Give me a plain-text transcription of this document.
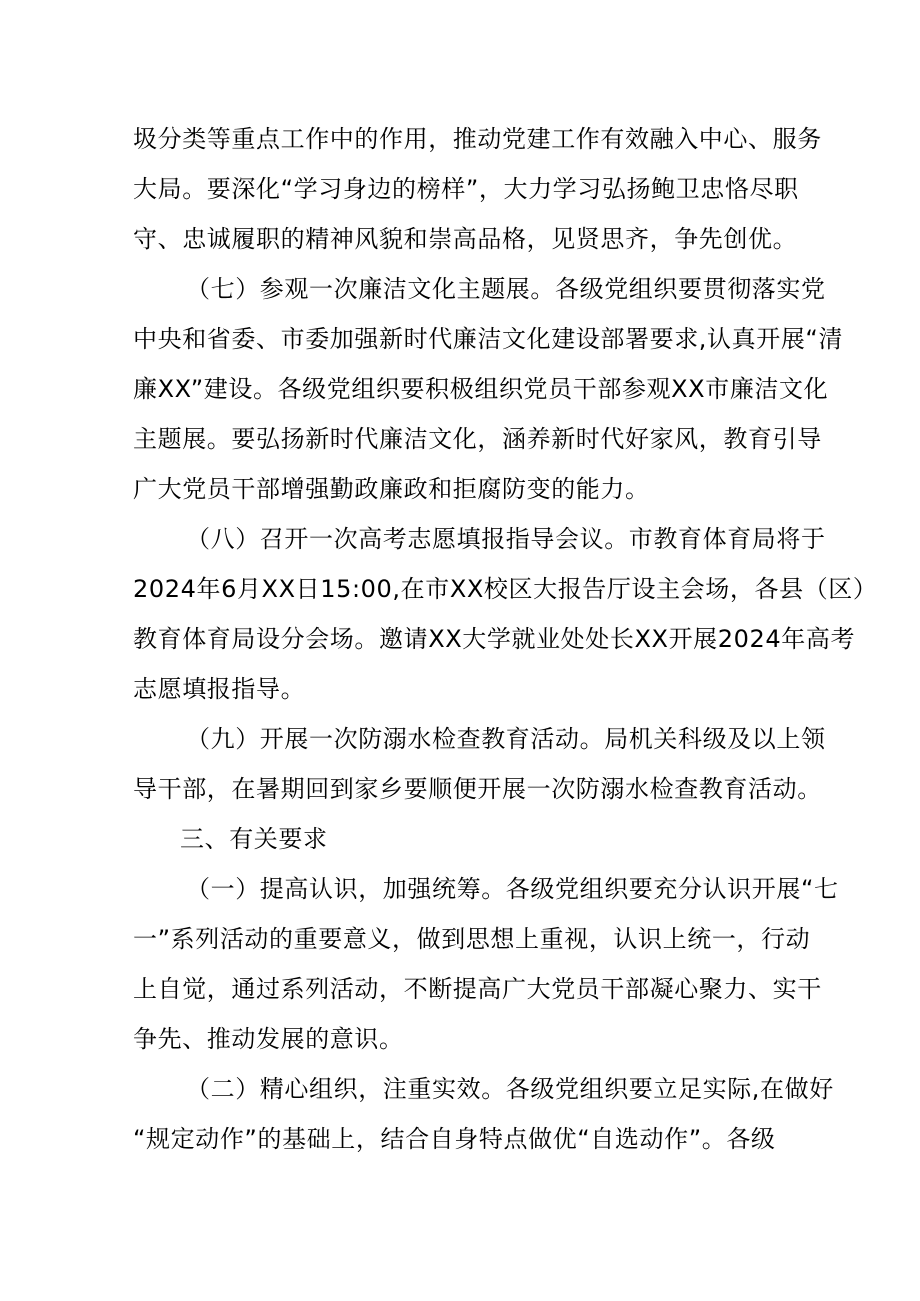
圾分类等重点工作中的作用，推动党建工作有效融入中心、服务
大局。要深化“学习身边的榜样”，大力学习弘扬鲍卫忠恪尽职
守、忠诚履职的精神风貌和崇高品格，见贤思齐，争先创优。
（七）参观一次廉洁文化主题展。各级党组织要贯彻落实党
中央和省委、市委加强新时代廉洁文化建设部署要求,认真开展“清
廉XX”建设。各级党组织要积极组织党员干部参观XX市廉洁文化
主题展。要弘扬新时代廉洁文化，涵养新时代好家风，教育引导
广大党员干部增强勤政廉政和拒腐防变的能力。
（八）召开一次高考志愿填报指导会议。市教育体育局将于
2024年6月XX日15:00,在市XX校区大报告厅设主会场，各县（区）
教育体育局设分会场。邀请XX大学就业处处长XX开展2024年高考
志愿填报指导。
（九）开展一次防溺水检查教育活动。局机关科级及以上领
导干部，在暑期回到家乡要顺便开展一次防溺水检查教育活动。
三、有关要求
（一）提高认识，加强统筹。各级党组织要充分认识开展“七
一”系列活动的重要意义，做到思想上重视，认识上统一，行动
上自觉，通过系列活动，不断提高广大党员干部凝心聚力、实干
争先、推动发展的意识。
（二）精心组织，注重实效。各级党组织要立足实际,在做好
“规定动作”的基础上，结合自身特点做优“自选动作”。各级
